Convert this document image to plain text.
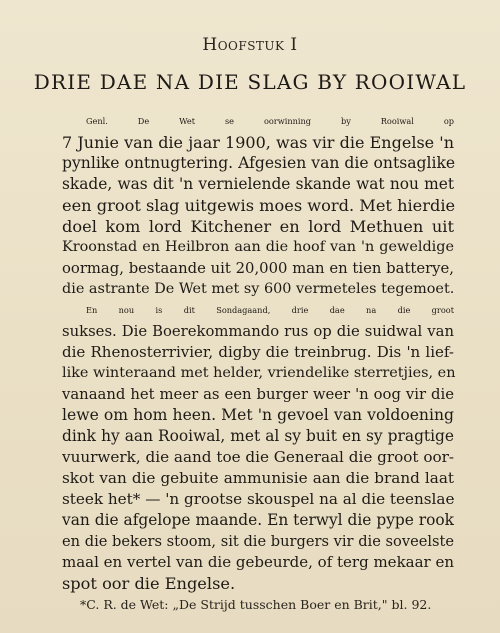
Hoofstuk I
DRIE DAE NA DIE SLAG BY ROOIWAL
Genl. De Wet se oorwinning by Rooiwal op
7 Junie van die jaar 1900, was vir die Engelse 'n
pynlike ontnugtering. Afgesien van die ontsaglike
skade, was dit 'n vernielende skande wat nou met
een groot slag uitgewis moes word. Met hierdie
doel kom lord Kitchener en lord Methuen uit
Kroonstad en Heilbron aan die hoof van 'n geweldige
oormag, bestaande uit 20,000 man en tien batterye,
die astrante De Wet met sy 600 vermeteles tegemoet.
En nou is dit Sondagaand, drie dae na die groot
sukses. Die Boerekommando rus op die suidwal van
die Rhenosterrivier, digby die treinbrug. Dis 'n lief-
like winteraand met helder, vriendelike sterretjies, en
vanaand het meer as een burger weer 'n oog vir die
lewe om hom heen. Met 'n gevoel van voldoening
dink hy aan Rooiwal, met al sy buit en sy pragtige
vuurwerk, die aand toe die Generaal die groot oor-
skot van die gebuite ammunisie aan die brand laat
steek het* — 'n grootse skouspel na al die teenslae
van die afgelope maande. En terwyl die pype rook
en die bekers stoom, sit die burgers vir die soveelste
maal en vertel van die gebeurde, of terg mekaar en
spot oor die Engelse.
*C. R. de Wet: „De Strijd tusschen Boer en Brit," bl. 92.
